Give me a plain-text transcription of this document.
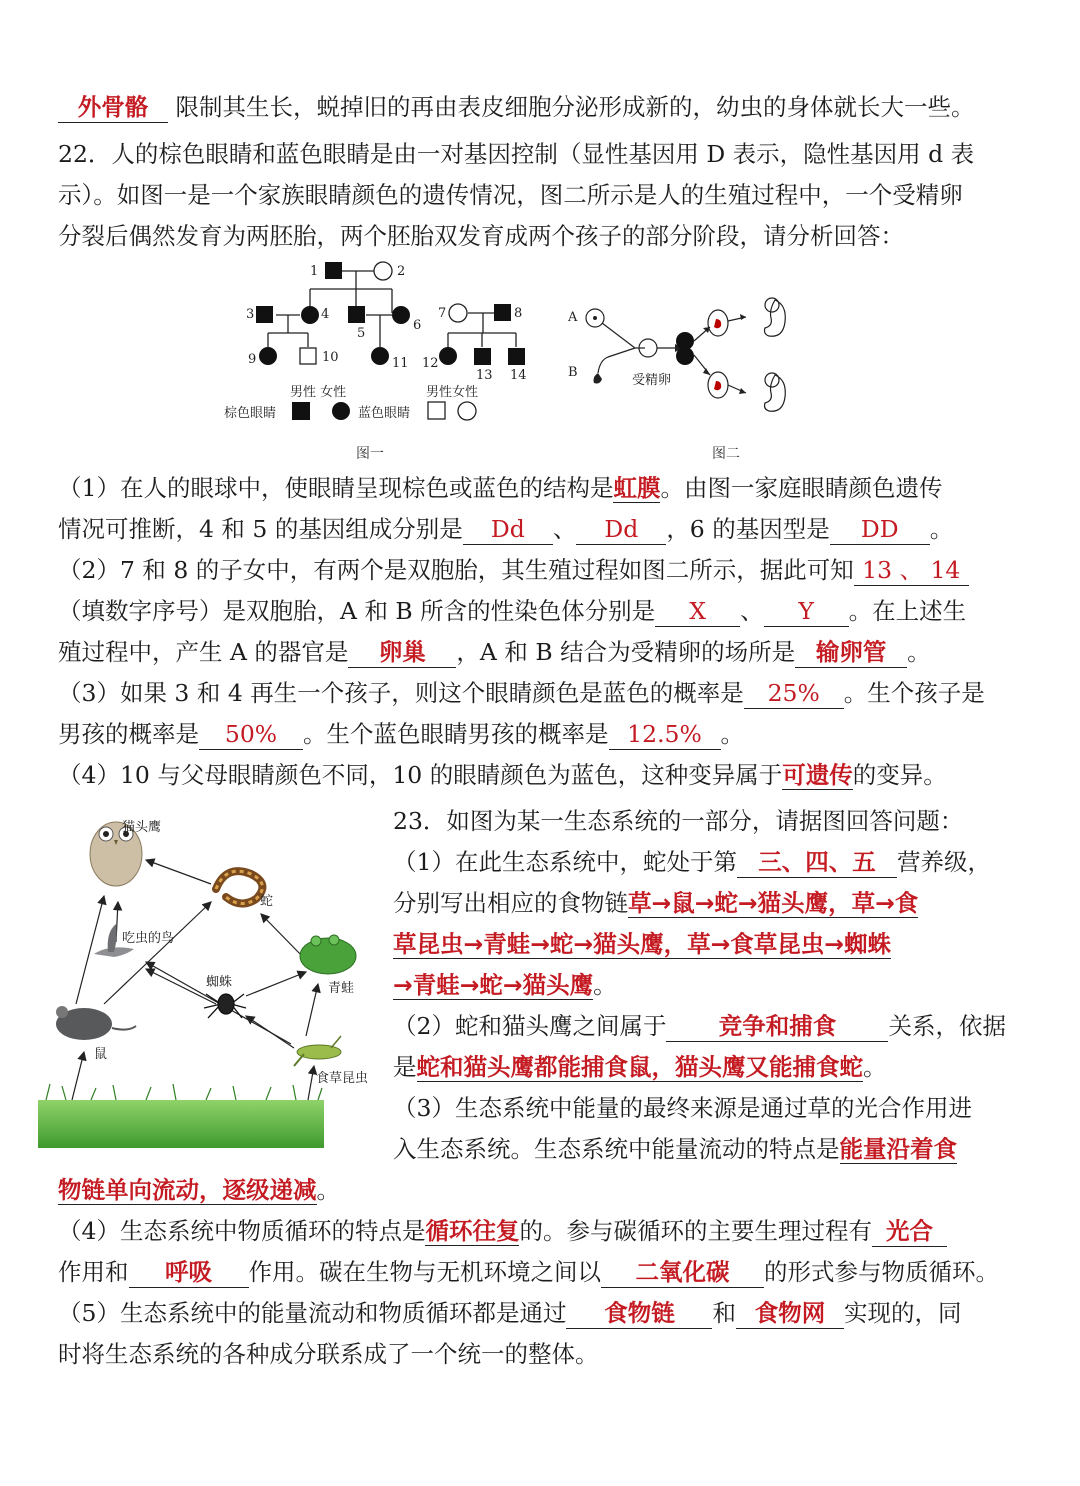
外骨骼 限制其生长，蜕掉旧的再由表皮细胞分泌形成新的，幼虫的身体就长大一些。
22．人的棕色眼睛和蓝色眼睛是由一对基因控制（显性基因用 D 表示，隐性基因用 d 表
示）。如图一是一个家族眼睛颜色的遗传情况，图二所示是人的生殖过程中，一个受精卵
分裂后偶然发育为两胚胎，两个胚胎双发育成两个孩子的部分阶段，请分析回答：
1	2
3	4
5
6
7	8
9	10	11 12
13 14
男性 女性	男性女性
棕色眼睛	蓝色眼睛
图一
A
B
受精卵
图二
（1）在人的眼球中，使眼睛呈现棕色或蓝色的结构是虹膜。由图一家庭眼睛颜色遗传
情况可推断，4 和 5 的基因组成分别是 Dd 、 Dd ，6 的基因型是 DD 。
（2）7 和 8 的子女中，有两个是双胞胎，其生殖过程如图二所示，据此可知 13 、 14
（填数字序号）是双胞胎，A 和 B 所含的性染色体分别是 X 、 Y 。在上述生
殖过程中，产生 A 的器官是 卵巢 ，A 和 B 结合为受精卵的场所是 输卵管 。
（3）如果 3 和 4 再生一个孩子，则这个眼睛颜色是蓝色的概率是 25% 。生个孩子是
男孩的概率是 50% 。生个蓝色眼睛男孩的概率是 12.5% 。
（4）10 与父母眼睛颜色不同，10 的眼睛颜色为蓝色，这种变异属于可遗传的变异。
猫头鹰
蛇
吃虫的鸟
青蛙
蜘蛛
鼠
食草昆虫
23．如图为某一生态系统的一部分，请据图回答问题：
（1）在此生态系统中，蛇处于第 三、四、五 营养级，
分别写出相应的食物链草→鼠→蛇→猫头鹰，草→食
草昆虫→青蛙→蛇→猫头鹰，草→食草昆虫→蜘蛛
→青蛙→蛇→猫头鹰。
（2）蛇和猫头鹰之间属于 竞争和捕食 关系，依据
是蛇和猫头鹰都能捕食鼠，猫头鹰又能捕食蛇。
（3）生态系统中能量的最终来源是通过草的光合作用进
入生态系统。生态系统中能量流动的特点是能量沿着食
物链单向流动，逐级递减。
（4）生态系统中物质循环的特点是循环往复的。参与碳循环的主要生理过程有 光合
作用和 呼吸 作用。碳在生物与无机环境之间以 二氧化碳 的形式参与物质循环。
（5）生态系统中的能量流动和物质循环都是通过 食物链 和 食物网 实现的，同
时将生态系统的各种成分联系成了一个统一的整体。
